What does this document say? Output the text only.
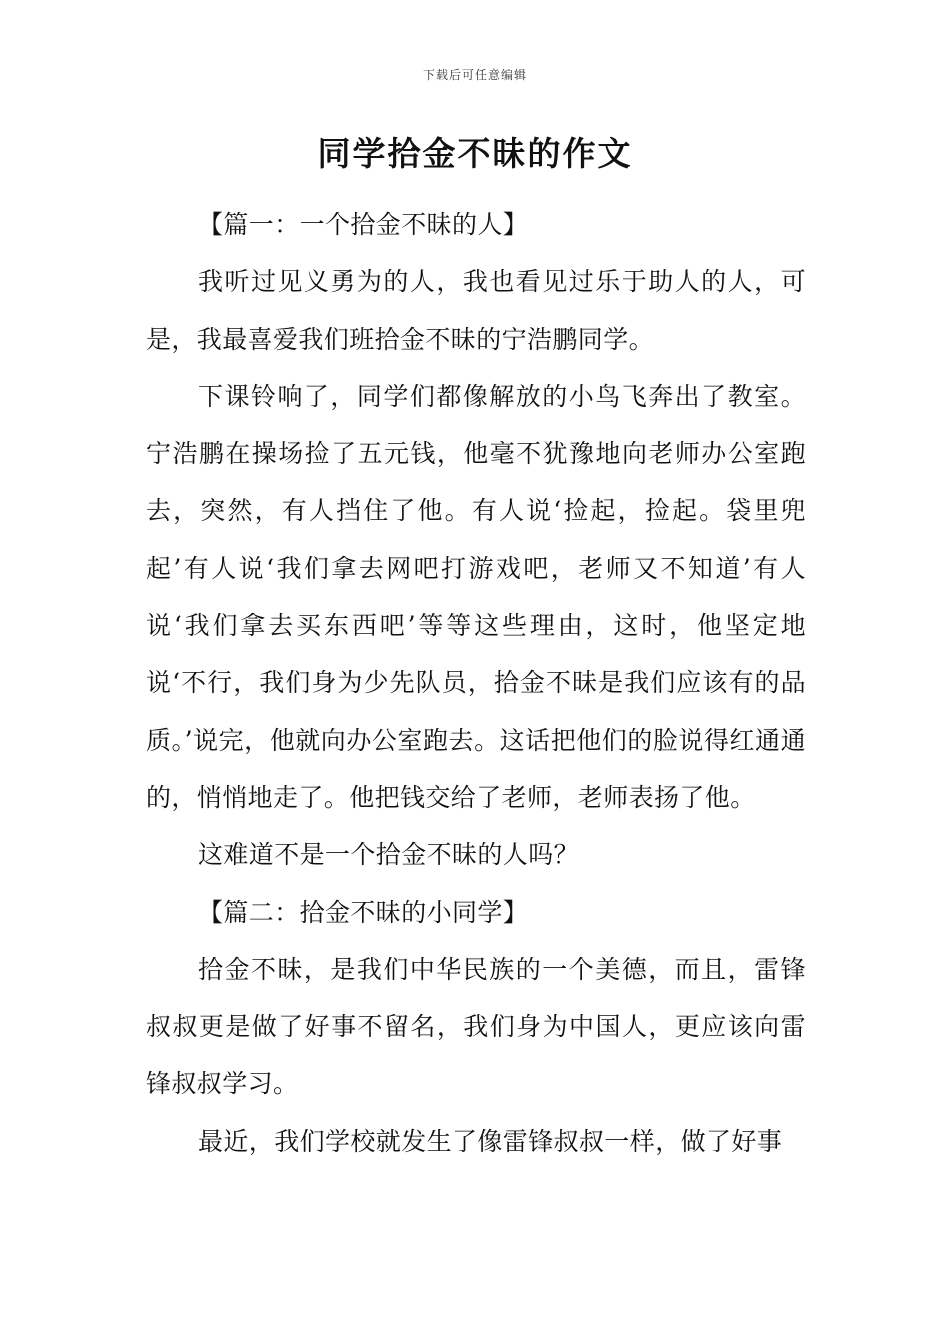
下载后可任意编辑
同学拾金不昧的作文

【篇一：一个拾金不昧的人】

我听过见义勇为的人，我也看见过乐于助人的人，可是，我最喜爱我们班拾金不昧的宁浩鹏同学。

下课铃响了，同学们都像解放的小鸟飞奔出了教室。宁浩鹏在操场捡了五元钱，他毫不犹豫地向老师办公室跑去，突然，有人挡住了他。有人说‘捡起，捡起。袋里兜起’有人说‘我们拿去网吧打游戏吧，老师又不知道’有人说‘我们拿去买东西吧’等等这些理由，这时，他坚定地说‘不行，我们身为少先队员，拾金不昧是我们应该有的品质。’说完，他就向办公室跑去。这话把他们的脸说得红通通的，悄悄地走了。他把钱交给了老师，老师表扬了他。

这难道不是一个拾金不昧的人吗？

【篇二：拾金不昧的小同学】

拾金不昧，是我们中华民族的一个美德，而且，雷锋叔叔更是做了好事不留名，我们身为中国人，更应该向雷锋叔叔学习。

最近，我们学校就发生了像雷锋叔叔一样，做了好事
